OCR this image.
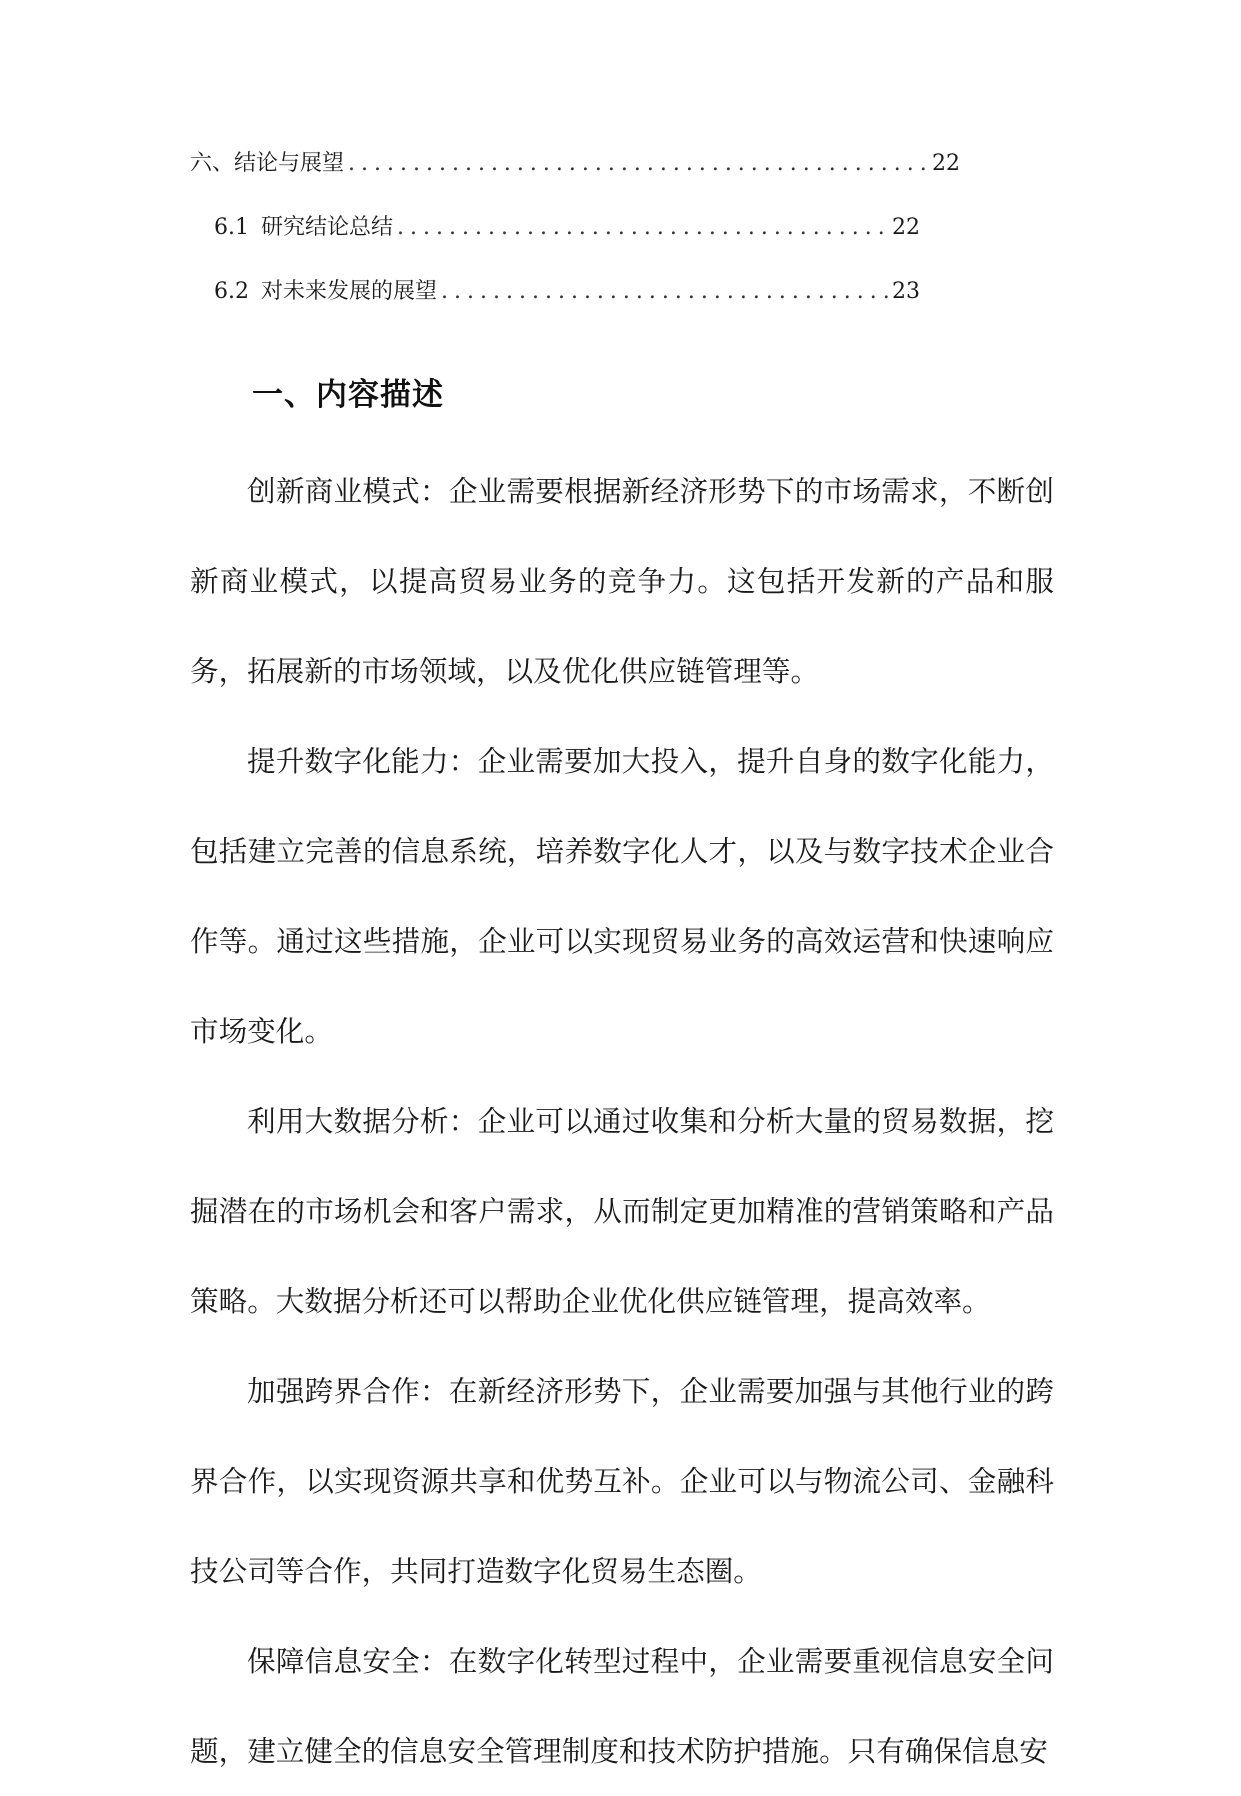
六、结论与展望 .....	22
6.1 研究结论总结 .....	22
6.2 对未来发展的展望 .....	23
一、内容描述

创新商业模式：企业需要根据新经济形势下的市场需求，不断创新商业模式，以提高贸易业务的竞争力。这包括开发新的产品和服务，拓展新的市场领域，以及优化供应链管理等。

提升数字化能力：企业需要加大投入，提升自身的数字化能力，包括建立完善的信息系统，培养数字化人才，以及与数字技术企业合作等。通过这些措施，企业可以实现贸易业务的高效运营和快速响应市场变化。

利用大数据分析：企业可以通过收集和分析大量的贸易数据，挖掘潜在的市场机会和客户需求，从而制定更加精准的营销策略和产品策略。大数据分析还可以帮助企业优化供应链管理，提高效率。

加强跨界合作：在新经济形势下，企业需要加强与其他行业的跨界合作，以实现资源共享和优势互补。企业可以与物流公司、金融科技公司等合作，共同打造数字化贸易生态圈。

保障信息安全：在数字化转型过程中，企业需要重视信息安全问题，建立健全的信息安全管理制度和技术防护措施。只有确保信息安
